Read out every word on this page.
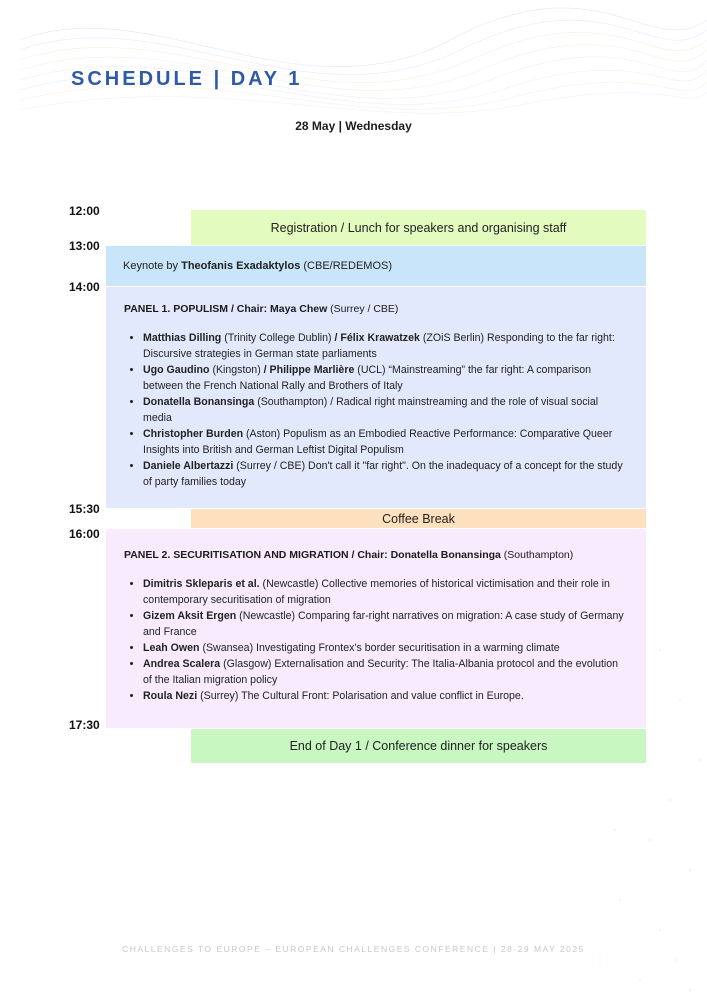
SCHEDULE | DAY 1
28 May | Wednesday
12:00
13:00
14:00
15:30
16:00
17:30
Registration / Lunch for speakers and organising staff
Keynote by
Theofanis Exadaktylos
(CBE/REDEMOS)
PANEL 1. POPULISM / Chair: Maya Chew (Surrey / CBE)
• Matthias Dilling (Trinity College Dublin) / Félix Krawatzek (ZOiS Berlin) Responding to the far right: Discursive strategies in German state parliaments
• Ugo Gaudino (Kingston) / Philippe Marlière (UCL) “Mainstreaming” the far right: A comparison between the French National Rally and Brothers of Italy
• Donatella Bonansinga (Southampton) / Radical right mainstreaming and the role of visual social media
• Christopher Burden (Aston) Populism as an Embodied Reactive Performance: Comparative Queer Insights into British and German Leftist Digital Populism
• Daniele Albertazzi (Surrey / CBE) Don't call it "far right". On the inadequacy of a concept for the study of party families today
Coffee Break
PANEL 2. SECURITISATION AND MIGRATION / Chair: Donatella Bonansinga (Southampton)
• Dimitris Skleparis et al. (Newcastle) Collective memories of historical victimisation and their role in contemporary securitisation of migration
• Gizem Aksit Ergen (Newcastle) Comparing far-right narratives on migration: A case study of Germany and France
• Leah Owen (Swansea) Investigating Frontex’s border securitisation in a warming climate
• Andrea Scalera (Glasgow) Externalisation and Security: The Italia-Albania protocol and the evolution of the Italian migration policy
• Roula Nezi (Surrey) The Cultural Front: Polarisation and value conflict in Europe.
End of Day 1 / Conference dinner for speakers
CHALLENGES TO EUROPE – EUROPEAN CHALLENGES CONFERENCE | 28-29 MAY 2025
